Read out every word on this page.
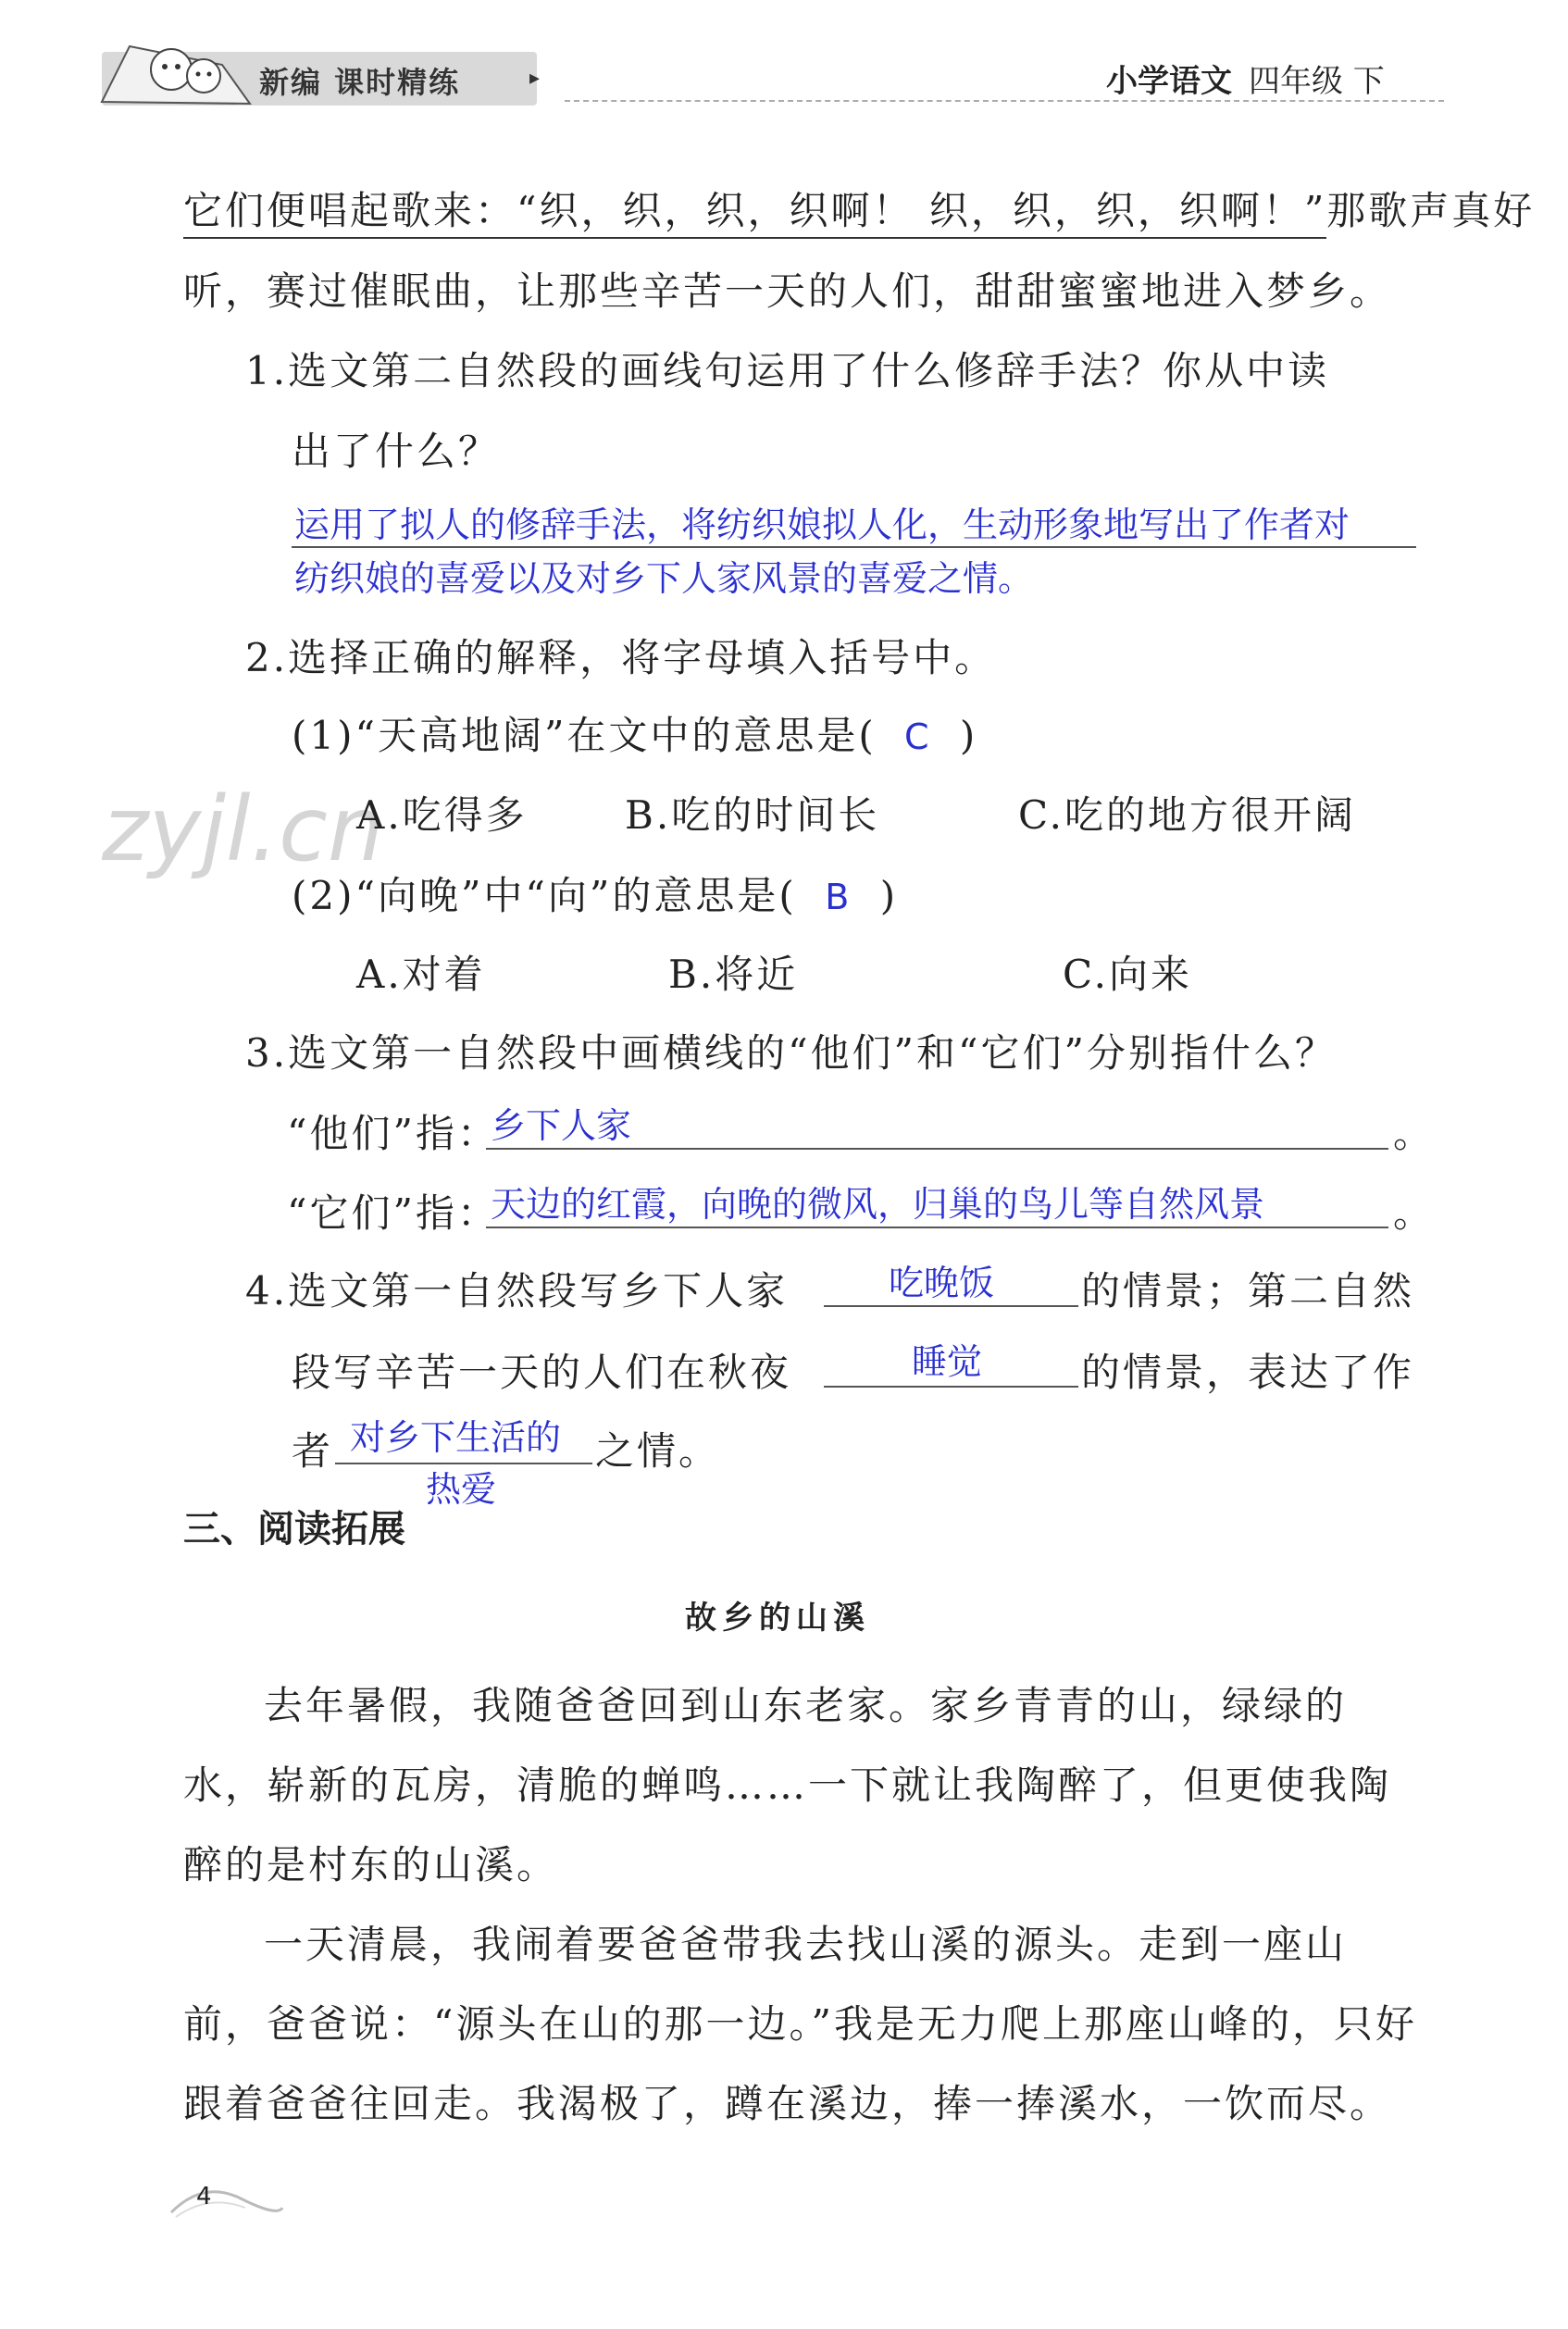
新编 课时精练	▸	小学语文 四年级 下
zyjl.cn
它们便唱起歌来：“织，织，织，织啊！ 织，织，织，织啊！”那歌声真好
听，赛过催眠曲，让那些辛苦一天的人们，甜甜蜜蜜地进入梦乡。
1.选文第二自然段的画线句运用了什么修辞手法？你从中读
出了什么？
运用了拟人的修辞手法，将纺织娘拟人化，生动形象地写出了作者对
纺织娘的喜爱以及对乡下人家风景的喜爱之情。
2.选择正确的解释，将字母填入括号中。
(1)“天高地阔”在文中的意思是( C )
A.吃得多	B.吃的时间长	C.吃的地方很开阔
(2)“向晚”中“向”的意思是( B )
A.对着	B.将近	C.向来
3.选文第一自然段中画横线的“他们”和“它们”分别指什么？
“他们”指：
乡下人家	。
“它们”指：
天边的红霞，向晚的微风，归巢的鸟儿等自然风景	。
4.选文第一自然段写乡下人家	吃晚饭 的情景；第二自然
段写辛苦一天的人们在秋夜	睡觉	的情景，表达了作
者 对乡下生活的
热爱
之情。
三、阅读拓展
故乡的山溪
去年暑假，我随爸爸回到山东老家。家乡青青的山，绿绿的
水，崭新的瓦房，清脆的蝉鸣……一下就让我陶醉了，但更使我陶
醉的是村东的山溪。
一天清晨，我闹着要爸爸带我去找山溪的源头。走到一座山
前，爸爸说：“源头在山的那一边。”我是无力爬上那座山峰的，只好
跟着爸爸往回走。我渴极了，蹲在溪边，捧一捧溪水，一饮而尽。
4
